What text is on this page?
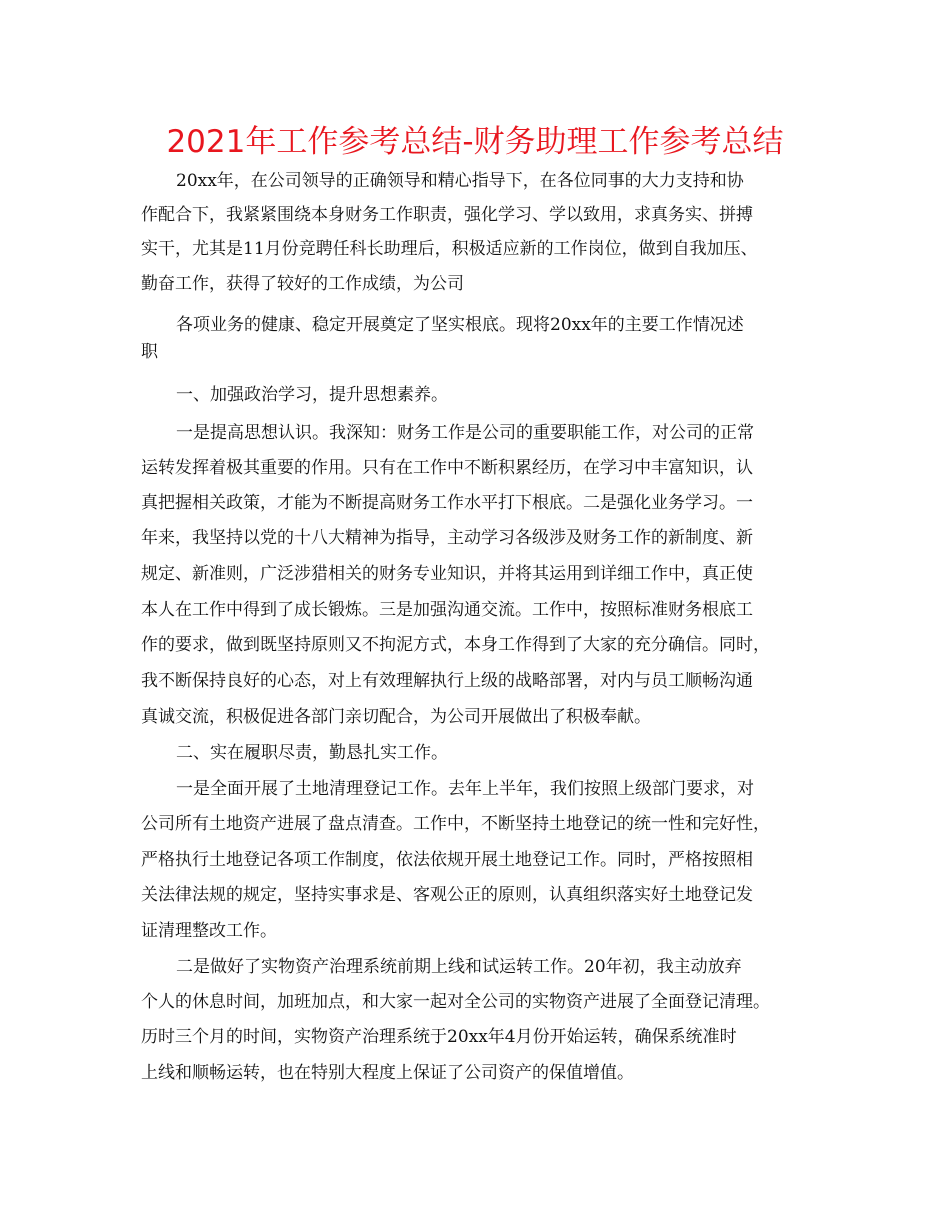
2021年工作参考总结-财务助理工作参考总结
20xx年，在公司领导的正确领导和精心指导下，在各位同事的大力支持和协
作配合下，我紧紧围绕本身财务工作职责，强化学习、学以致用，求真务实、拼搏
实干，尤其是11月份竞聘任科长助理后，积极适应新的工作岗位，做到自我加压、
勤奋工作，获得了较好的工作成绩，为公司
各项业务的健康、稳定开展奠定了坚实根底。现将20xx年的主要工作情况述
职
一、加强政治学习，提升思想素养。
一是提高思想认识。我深知：财务工作是公司的重要职能工作，对公司的正常
运转发挥着极其重要的作用。只有在工作中不断积累经历，在学习中丰富知识，认
真把握相关政策，才能为不断提高财务工作水平打下根底。二是强化业务学习。一
年来，我坚持以党的十八大精神为指导，主动学习各级涉及财务工作的新制度、新
规定、新准则，广泛涉猎相关的财务专业知识，并将其运用到详细工作中，真正使
本人在工作中得到了成长锻炼。三是加强沟通交流。工作中，按照标准财务根底工
作的要求，做到既坚持原则又不拘泥方式，本身工作得到了大家的充分确信。同时，
我不断保持良好的心态，对上有效理解执行上级的战略部署，对内与员工顺畅沟通
真诚交流，积极促进各部门亲切配合，为公司开展做出了积极奉献。
二、实在履职尽责，勤恳扎实工作。
一是全面开展了土地清理登记工作。去年上半年，我们按照上级部门要求，对
公司所有土地资产进展了盘点清查。工作中，不断坚持土地登记的统一性和完好性，
严格执行土地登记各项工作制度，依法依规开展土地登记工作。同时，严格按照相
关法律法规的规定，坚持实事求是、客观公正的原则，认真组织落实好土地登记发
证清理整改工作。
二是做好了实物资产治理系统前期上线和试运转工作。20年初，我主动放弃
个人的休息时间，加班加点，和大家一起对全公司的实物资产进展了全面登记清理。
历时三个月的时间，实物资产治理系统于20xx年4月份开始运转，确保系统准时
上线和顺畅运转，也在特别大程度上保证了公司资产的保值增值。
